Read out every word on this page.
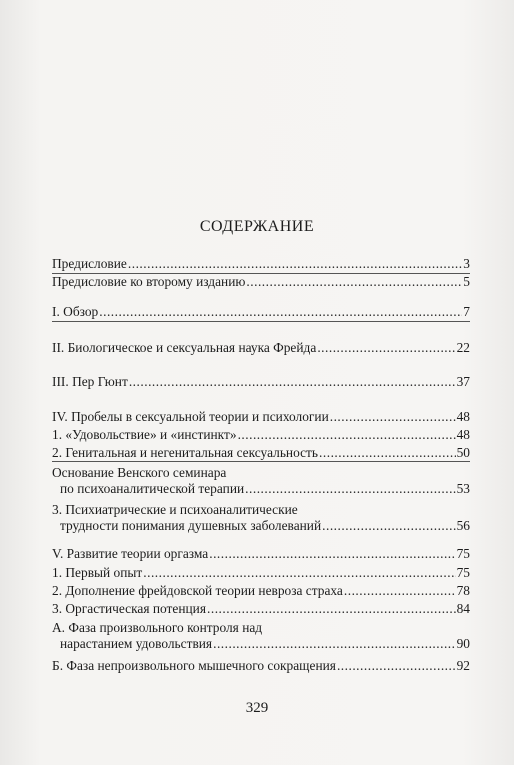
СОДЕРЖАНИЕ
Предисловие .....	3
Предисловие ко второму изданию .....	5
I. Обзор .....	7
II. Биологическое и сексуальная наука Фрейда .....	22
III. Пер Гюнт .....	37
IV. Пробелы в сексуальной теории и психологии .....	48
1. «Удовольствие» и «инстинкт» .....	48
2. Генитальная и негенитальная сексуальность .....	50
Основание Венского семинара
по психоаналитической терапии .....	53
3. Психиатрические и психоаналитические
трудности понимания душевных заболеваний .....	56
V. Развитие теории оргазма .....	75
1. Первый опыт .....	75
2. Дополнение фрейдовской теории невроза страха .....	78
3. Оргастическая потенция .....	84
А. Фаза произвольного контроля над
нарастанием удовольствия .....	90
Б. Фаза непроизвольного мышечного сокращения .....	92
329
